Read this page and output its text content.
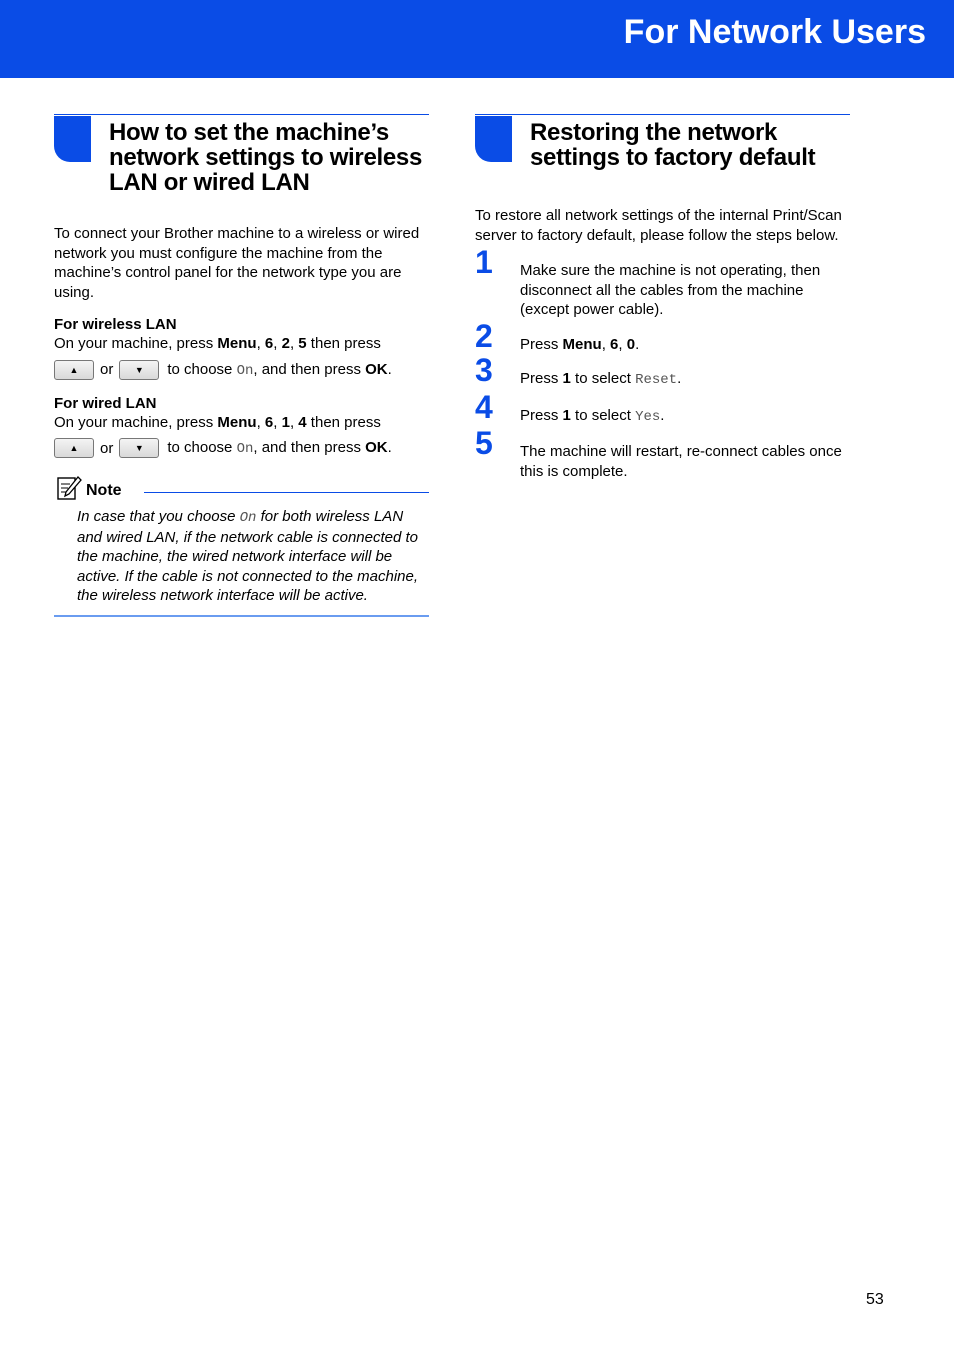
For Network Users
How to set the machine’s network settings to wireless LAN or wired LAN

To connect your Brother machine to a wireless or wired network you must configure the machine from the machine’s control panel for the network type you are using.

For wireless LAN
On your machine, press Menu, 6, 2, 5 then press
▲	or	▼	to choose On, and then press OK.
For wired LAN
On your machine, press Menu, 6, 1, 4 then press
▲	or	▼	to choose On, and then press OK.
Note

In case that you choose On for both wireless LAN and wired LAN, if the network cable is connected to the machine, the wired network interface will be active. If the cable is not connected to the machine, the wireless network interface will be active.

Restoring the network settings to factory default

To restore all network settings of the internal Print/Scan server to factory default, please follow the steps below.

1 Make sure the machine is not operating, then disconnect all the cables from the machine (except power cable).
2 Press Menu, 6, 0.
3 Press 1 to select Reset.
4 Press 1 to select Yes.
5 The machine will restart, re-connect cables once this is complete.
53
